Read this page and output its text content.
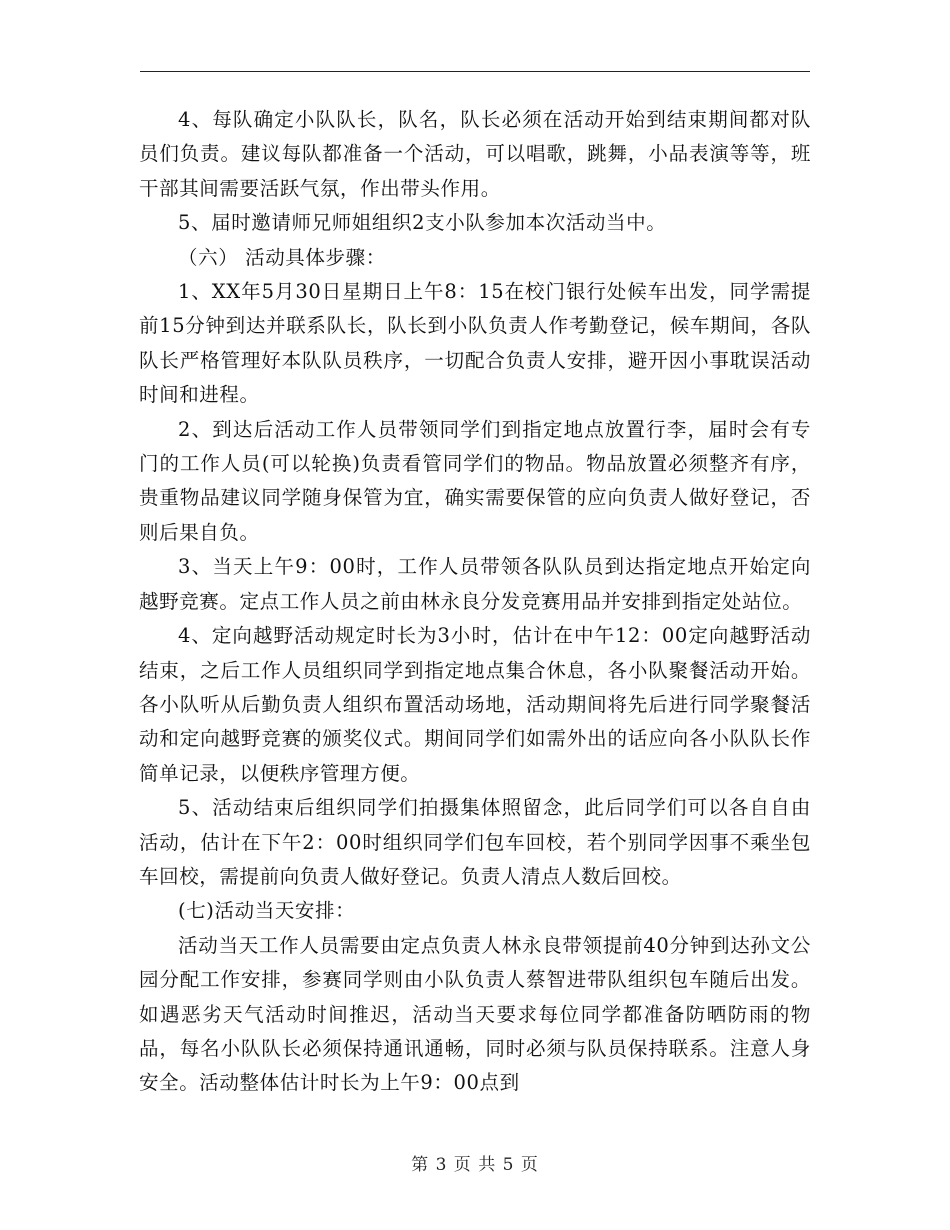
4、每队确定小队队长，队名，队长必须在活动开始到结束期间都对队员们负责。建议每队都准备一个活动，可以唱歌，跳舞，小品表演等等，班干部其间需要活跃气氛，作出带头作用。

5、届时邀请师兄师姐组织2支小队参加本次活动当中。

（六） 活动具体步骤：

1、XX年5月30日星期日上午8：15在校门银行处候车出发，同学需提前15分钟到达并联系队长，队长到小队负责人作考勤登记，候车期间，各队队长严格管理好本队队员秩序，一切配合负责人安排，避开因小事耽误活动时间和进程。

2、到达后活动工作人员带领同学们到指定地点放置行李，届时会有专门的工作人员(可以轮换)负责看管同学们的物品。物品放置必须整齐有序，贵重物品建议同学随身保管为宜，确实需要保管的应向负责人做好登记，否则后果自负。

3、当天上午9：00时，工作人员带领各队队员到达指定地点开始定向越野竞赛。定点工作人员之前由林永良分发竞赛用品并安排到指定处站位。

4、定向越野活动规定时长为3小时，估计在中午12：00定向越野活动结束，之后工作人员组织同学到指定地点集合休息，各小队聚餐活动开始。各小队听从后勤负责人组织布置活动场地，活动期间将先后进行同学聚餐活动和定向越野竞赛的颁奖仪式。期间同学们如需外出的话应向各小队队长作简单记录，以便秩序管理方便。

5、活动结束后组织同学们拍摄集体照留念，此后同学们可以各自自由活动，估计在下午2：00时组织同学们包车回校，若个别同学因事不乘坐包车回校，需提前向负责人做好登记。负责人清点人数后回校。

(七)活动当天安排：

活动当天工作人员需要由定点负责人林永良带领提前40分钟到达孙文公园分配工作安排，参赛同学则由小队负责人蔡智进带队组织包车随后出发。如遇恶劣天气活动时间推迟，活动当天要求每位同学都准备防晒防雨的物品，每名小队队长必须保持通讯通畅，同时必须与队员保持联系。注意人身安全。活动整体估计时长为上午9：00点到

第 3 页 共 5 页
